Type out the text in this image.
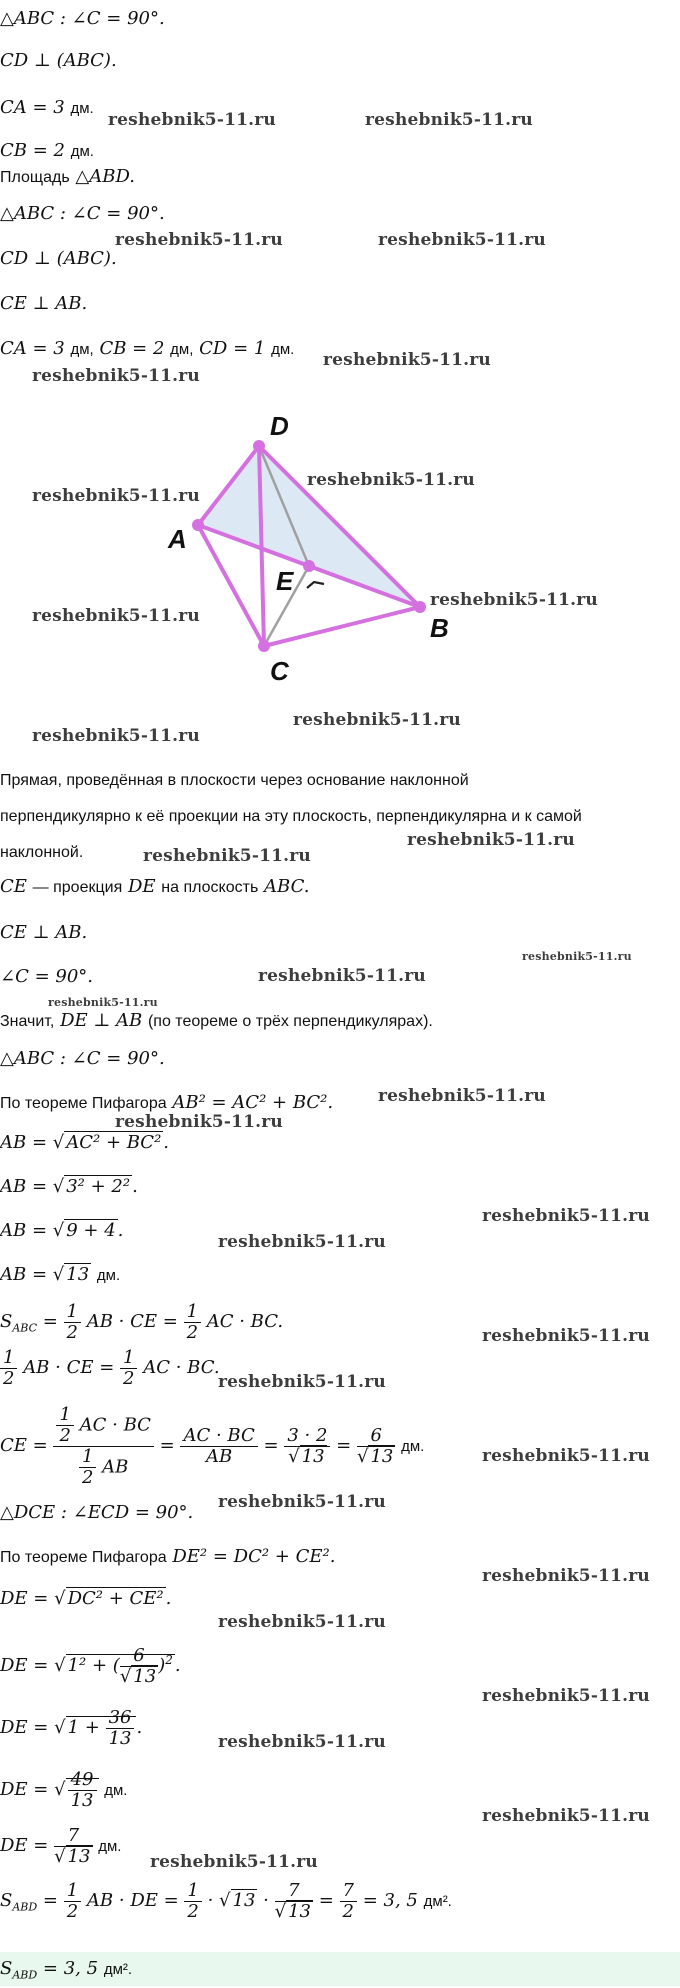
reshebnik5-11.ru	reshebnik5-11.ru
reshebnik5-11.ru	reshebnik5-11.ru
reshebnik5-11.ru
reshebnik5-11.ru
reshebnik5-11.ru
reshebnik5-11.ru
reshebnik5-11.ru
reshebnik5-11.ru
reshebnik5-11.ru
reshebnik5-11.ru
reshebnik5-11.ru
reshebnik5-11.ru
reshebnik5-11.ru
reshebnik5-11.ru
reshebnik5-11.ru
reshebnik5-11.ru
reshebnik5-11.ru
reshebnik5-11.ru
reshebnik5-11.ru
reshebnik5-11.ru
reshebnik5-11.ru
reshebnik5-11.ru
reshebnik5-11.ru
reshebnik5-11.ru
reshebnik5-11.ru
reshebnik5-11.ru
reshebnik5-11.ru
reshebnik5-11.ru
reshebnik5-11.ru
△ABC : ∠C = 90°.
CD ⊥ (ABC).
CA = 3 дм.
CB = 2 дм.
Площадь △ABD.
△ABC : ∠C = 90°.
CD ⊥ (ABC).
CE ⊥ AB.
CA = 3 дм, CB = 2 дм, CD = 1 дм.
D
A
E
B
C
Прямая, проведённая в плоскости через основание наклонной
перпендикулярно к её проекции на эту плоскость, перпендикулярна и к самой
наклонной.
CE — проекция DE на плоскость ABC.
CE ⊥ AB.
∠C = 90°.
Значит, DE ⊥ AB (по теореме о трёх перпендикулярах).
△ABC : ∠C = 90°.
По теореме Пифагора AB² = AC² + BC².
AB = √ AC² + BC² .
AB = √ 3² + 2² .
AB = √ 9 + 4 .
AB = √ 13 дм.
$S_{ABC} = \frac{1}{2}$ AB · CE = $\frac{1}{2}$ AC · BC.
$\frac{1}{2}$ AB · CE = $\frac{1}{2}$ AC · BC.
CE = $\frac{\frac{1}{2} AC \cdot BC}{\frac{1}{2} AB} = \frac{AC \cdot BC}{AB} = \frac{3 \cdot 2}{√ 13} = \frac{6}{√ 13}$ дм.
△DCE : ∠ECD = 90°.
По теореме Пифагора DE² = DC² + CE².
DE = √ DC² + CE² .
DE = √ 1² + ( $\frac{6}{√ 13} )^2$ .
DE = √ $1 + \frac{36}{13}$ .
DE = √ $\frac{49}{13}$ дм.
DE = $\frac{7}{√ 13}$ дм.
$S_{ABD} = \frac{1}{2}$ AB · DE = $\frac{1}{2}$ · √ $13 \cdot \frac{7}{√ 13} = \frac{7}{2} = 3$, 5 дм².
$S_{ABD} = 3$, 5 дм².
